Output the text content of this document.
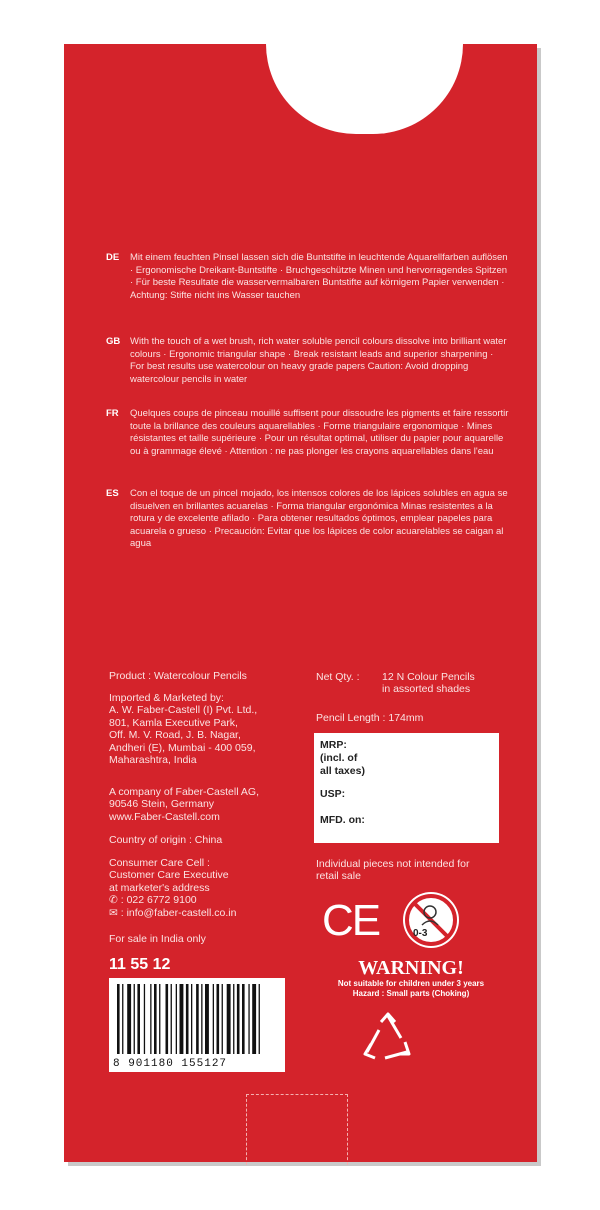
DE Mit einem feuchten Pinsel lassen sich die Buntstifte in leuchtende Aquarellfarben auflösen · Ergonomische Dreikant-Buntstifte · Bruchgeschützte Minen und hervorragendes Spitzen · Für beste Resultate die wasservermalbaren Buntstifte auf körnigem Papier verwenden · Achtung: Stifte nicht ins Wasser tauchen
GB With the touch of a wet brush, rich water soluble pencil colours dissolve into brilliant water colours · Ergonomic triangular shape · Break resistant leads and superior sharpening · For best results use watercolour on heavy grade papers Caution: Avoid dropping watercolour pencils in water
FR Quelques coups de pinceau mouillé suffisent pour dissoudre les pigments et faire ressortir toute la brillance des couleurs aquarellables · Forme triangulaire ergonomique · Mines résistantes et taille supérieure · Pour un résultat optimal, utiliser du papier pour aquarelle ou à grammage élevé · Attention : ne pas plonger les crayons aquarellables dans l'eau
ES Con el toque de un pincel mojado, los intensos colores de los lápices solubles en agua se disuelven en brillantes acuarelas · Forma triangular ergonómica Minas resistentes a la rotura y de excelente afilado · Para obtener resultados óptimos, emplear papeles para acuarela o grueso · Precaución: Evitar que los lápices de color acuarelables se caigan al agua
Product : Watercolour Pencils
Imported & Marketed by:
A. W. Faber-Castell (I) Pvt. Ltd.,
801, Kamla Executive Park,
Off. M. V. Road, J. B. Nagar,
Andheri (E), Mumbai - 400 059,
Maharashtra, India
A company of Faber-Castell AG,
90546 Stein, Germany
www.Faber-Castell.com
Country of origin : China
Consumer Care Cell :
Customer Care Executive
at marketer's address
✆ : 022 6772 9100
✉ : info@faber-castell.co.in
For sale in India only
11 55 12
8 901180 155127
Net Qty. : 12 N Colour Pencils
in assorted shades
Pencil Length : 174mm
MRP:
(incl. of
all taxes)
USP:
MFD. on:
Individual pieces not intended for
retail sale
CE	0-3
WARNING!
Not suitable for children under 3 years
Hazard : Small parts (Choking)
